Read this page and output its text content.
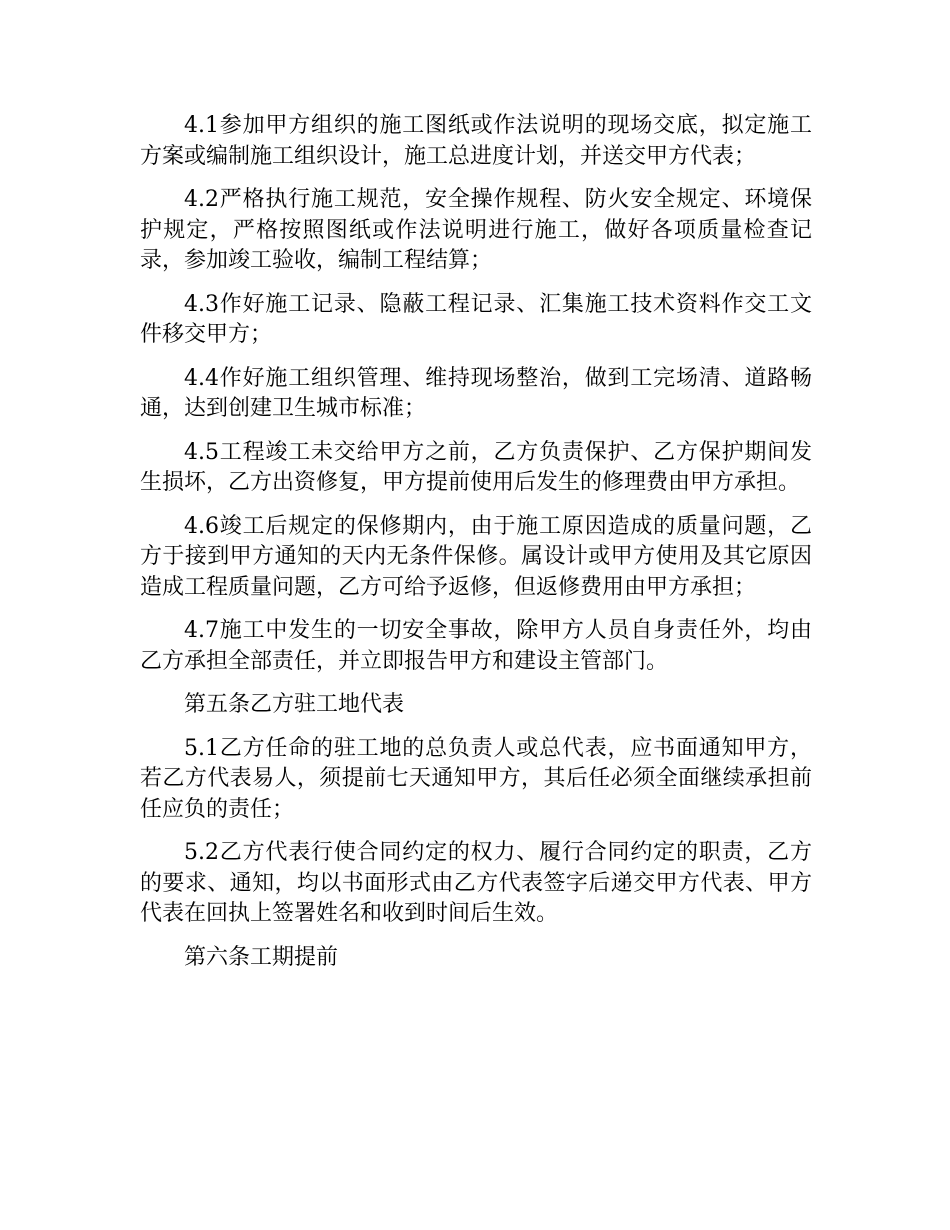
4.1参加甲方组织的施工图纸或作法说明的现场交底，拟定施工方案或编制施工组织设计，施工总进度计划，并送交甲方代表；

4.2严格执行施工规范，安全操作规程、防火安全规定、环境保护规定，严格按照图纸或作法说明进行施工，做好各项质量检查记录，参加竣工验收，编制工程结算；

4.3作好施工记录、隐蔽工程记录、汇集施工技术资料作交工文件移交甲方；

4.4作好施工组织管理、维持现场整治，做到工完场清、道路畅通，达到创建卫生城市标准；

4.5工程竣工未交给甲方之前，乙方负责保护、乙方保护期间发生损坏，乙方出资修复，甲方提前使用后发生的修理费由甲方承担。

4.6竣工后规定的保修期内，由于施工原因造成的质量问题，乙方于接到甲方通知的天内无条件保修。属设计或甲方使用及其它原因造成工程质量问题，乙方可给予返修，但返修费用由甲方承担；

4.7施工中发生的一切安全事故，除甲方人员自身责任外，均由乙方承担全部责任，并立即报告甲方和建设主管部门。

第五条乙方驻工地代表

5.1乙方任命的驻工地的总负责人或总代表，应书面通知甲方，若乙方代表易人，须提前七天通知甲方，其后任必须全面继续承担前任应负的责任；

5.2乙方代表行使合同约定的权力、履行合同约定的职责，乙方的要求、通知，均以书面形式由乙方代表签字后递交甲方代表、甲方代表在回执上签署姓名和收到时间后生效。

第六条工期提前
